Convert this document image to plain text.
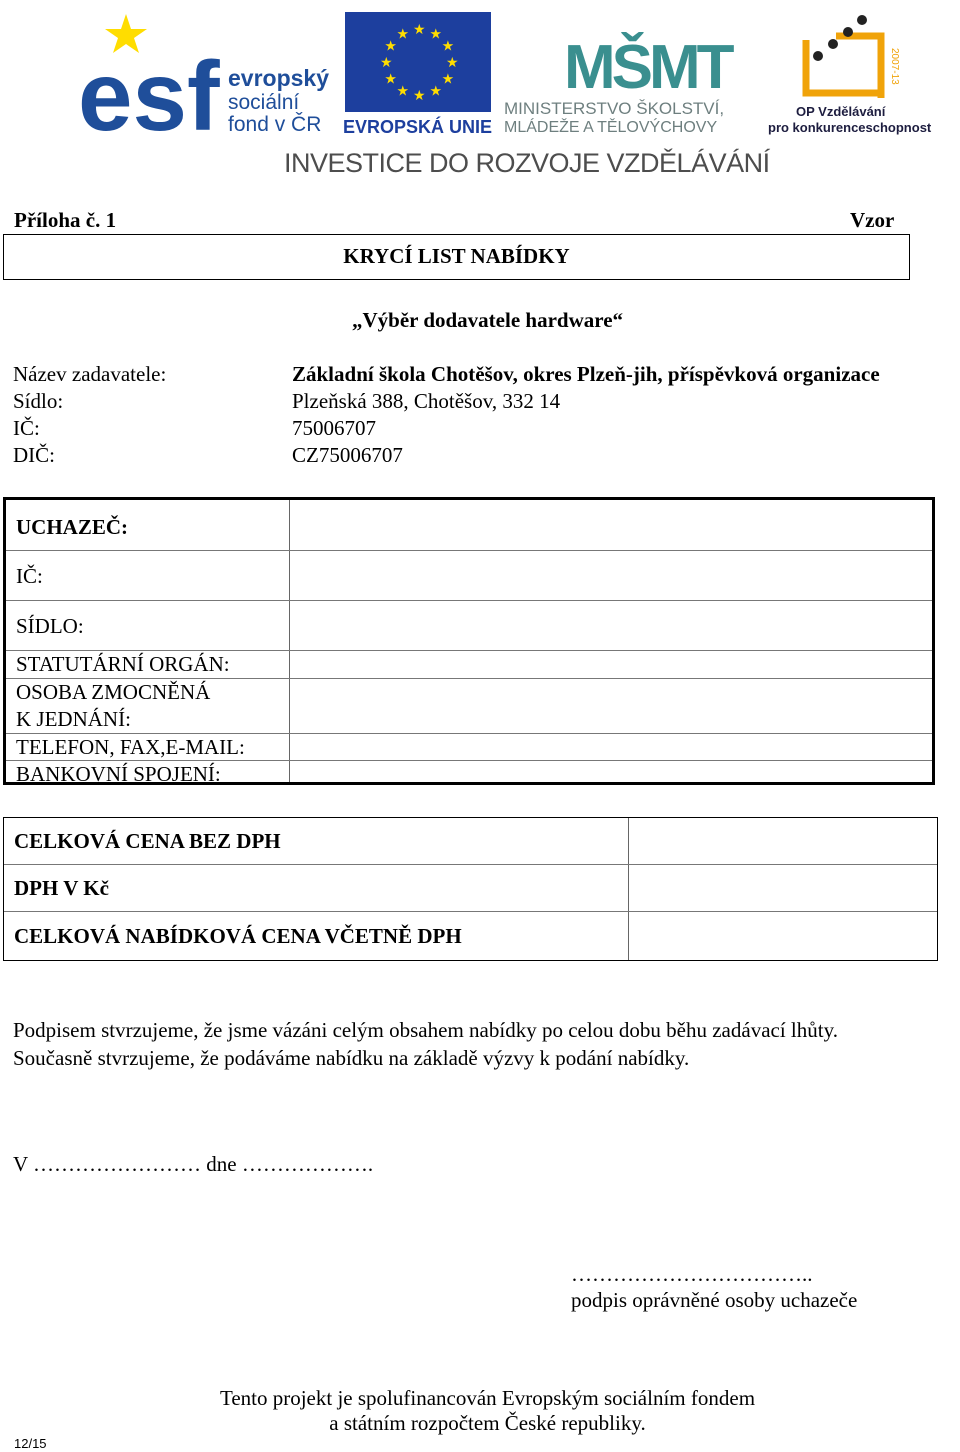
esf evropský
sociální
fond v ČR
★ ★
★
★
★
★
★
★
★
★
★
★
EVROPSKÁ UNIE
MŠMT
MINISTERSTVO ŠKOLSTVÍ,
MLÁDEŽE A TĚLOVÝCHOVY
2007-13
OP Vzdělávání
pro konkurenceschopnost
INVESTICE DO ROZVOJE VZDĚLÁVÁNÍ
Příloha č. 1	Vzor
KRYCÍ LIST NABÍDKY
„Výběr dodavatele hardware“
Název zadavatele:	Základní škola Chotěšov, okres Plzeň-jih, příspěvková organizace
Sídlo:	Plzeňská 388, Chotěšov, 332 14
IČ:	75006707
DIČ:	CZ75006707
UCHAZEČ:
IČ:
SÍDLO:
STATUTÁRNÍ ORGÁN:
OSOBA ZMOCNĚNÁ
K JEDNÁNÍ:
TELEFON, FAX,E-MAIL:
BANKOVNÍ SPOJENÍ:
CELKOVÁ CENA BEZ DPH
DPH V Kč
CELKOVÁ NABÍDKOVÁ CENA VČETNĚ DPH
Podpisem stvrzujeme, že jsme vázáni celým obsahem nabídky po celou dobu běhu zadávací lhůty.
Současně stvrzujeme, že podáváme nabídku na základě výzvy k podání nabídky.
V …………………… dne ……………….
……………………………..
podpis oprávněné osoby uchazeče
Tento projekt je spolufinancován Evropským sociálním fondem
a státním rozpočtem České republiky.
12/15
